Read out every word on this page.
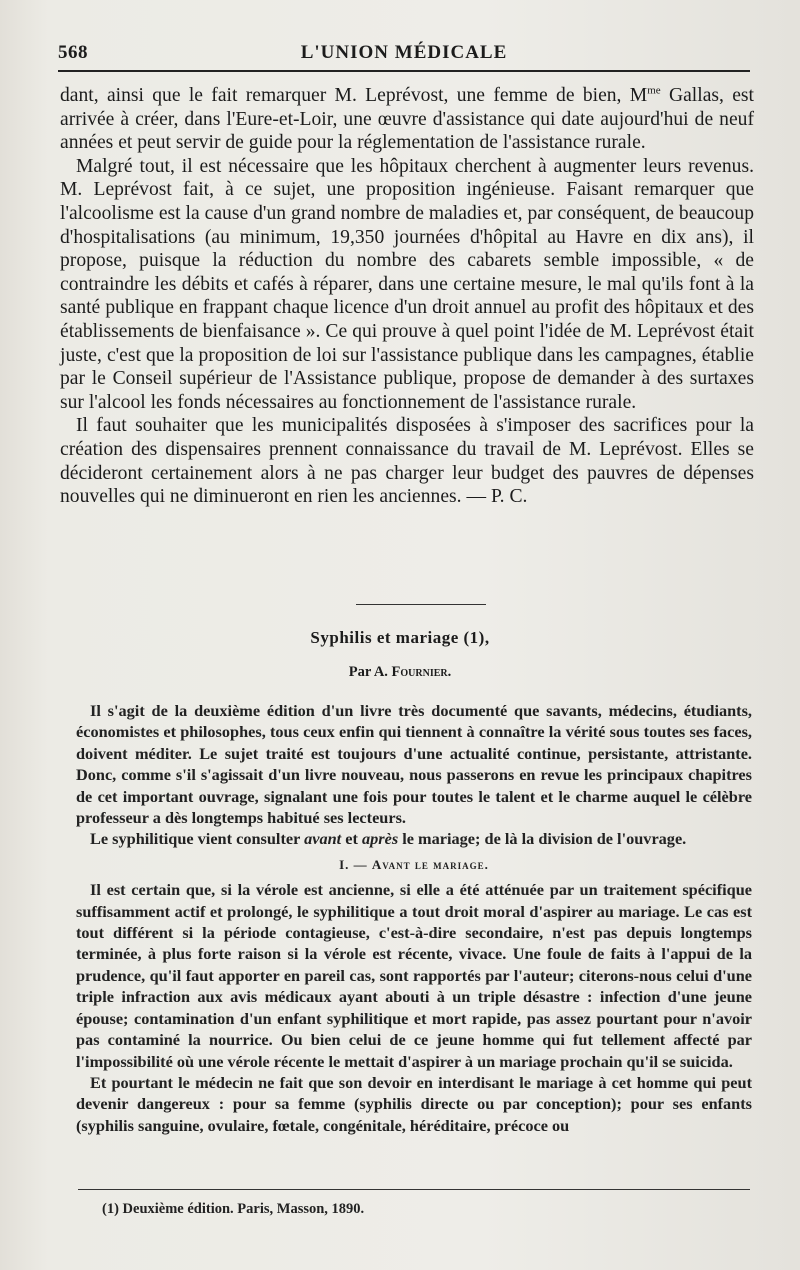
568	L'UNION MÉDICALE

dant, ainsi que le fait remarquer M. Leprévost, une femme de bien, $M^{me}$ Gallas, est arrivée à créer, dans l'Eure-et-Loir, une œuvre d'assistance qui date aujourd'hui de neuf années et peut servir de guide pour la réglementation de l'assistance rurale.

Malgré tout, il est nécessaire que les hôpitaux cherchent à augmenter leurs revenus. M. Leprévost fait, à ce sujet, une proposition ingénieuse. Faisant remarquer que l'alcoolisme est la cause d'un grand nombre de maladies et, par conséquent, de beaucoup d'hospitalisations (au minimum, 19,350 journées d'hôpital au Havre en dix ans), il propose, puisque la réduction du nombre des cabarets semble impossible, « de contraindre les débits et cafés à réparer, dans une certaine mesure, le mal qu'ils font à la santé publique en frappant chaque licence d'un droit annuel au profit des hôpitaux et des établissements de bienfaisance ». Ce qui prouve à quel point l'idée de M. Leprévost était juste, c'est que la proposition de loi sur l'assistance publique dans les campagnes, établie par le Conseil supérieur de l'Assistance publique, propose de demander à des surtaxes sur l'alcool les fonds nécessaires au fonctionnement de l'assistance rurale.

Il faut souhaiter que les municipalités disposées à s'imposer des sacrifices pour la création des dispensaires prennent connaissance du travail de M. Leprévost. Elles se décideront certainement alors à ne pas charger leur budget des pauvres de dépenses nouvelles qui ne diminueront en rien les anciennes. — P. C.

Syphilis et mariage (1),
Par A. Fournier.

Il s'agit de la deuxième édition d'un livre très documenté que savants, médecins, étudiants, économistes et philosophes, tous ceux enfin qui tiennent à connaître la vérité sous toutes ses faces, doivent méditer. Le sujet traité est toujours d'une actualité continue, persistante, attristante. Donc, comme s'il s'agissait d'un livre nouveau, nous passerons en revue les principaux chapitres de cet important ouvrage, signalant une fois pour toutes le talent et le charme auquel le célèbre professeur a dès longtemps habitué ses lecteurs.

Le syphilitique vient consulter avant et après le mariage; de là la division de l'ouvrage.

I. — Avant le mariage.

Il est certain que, si la vérole est ancienne, si elle a été atténuée par un traitement spécifique suffisamment actif et prolongé, le syphilitique a tout droit moral d'aspirer au mariage. Le cas est tout différent si la période contagieuse, c'est-à-dire secondaire, n'est pas depuis longtemps terminée, à plus forte raison si la vérole est récente, vivace. Une foule de faits à l'appui de la prudence, qu'il faut apporter en pareil cas, sont rapportés par l'auteur; citerons-nous celui d'une triple infraction aux avis médicaux ayant abouti à un triple désastre : infection d'une jeune épouse; contamination d'un enfant syphilitique et mort rapide, pas assez pourtant pour n'avoir pas contaminé la nourrice. Ou bien celui de ce jeune homme qui fut tellement affecté par l'impossibilité où une vérole récente le mettait d'aspirer à un mariage prochain qu'il se suicida.

Et pourtant le médecin ne fait que son devoir en interdisant le mariage à cet homme qui peut devenir dangereux : pour sa femme (syphilis directe ou par conception); pour ses enfants (syphilis sanguine, ovulaire, fœtale, congénitale, héréditaire, précoce ou

(1) Deuxième édition. Paris, Masson, 1890.
